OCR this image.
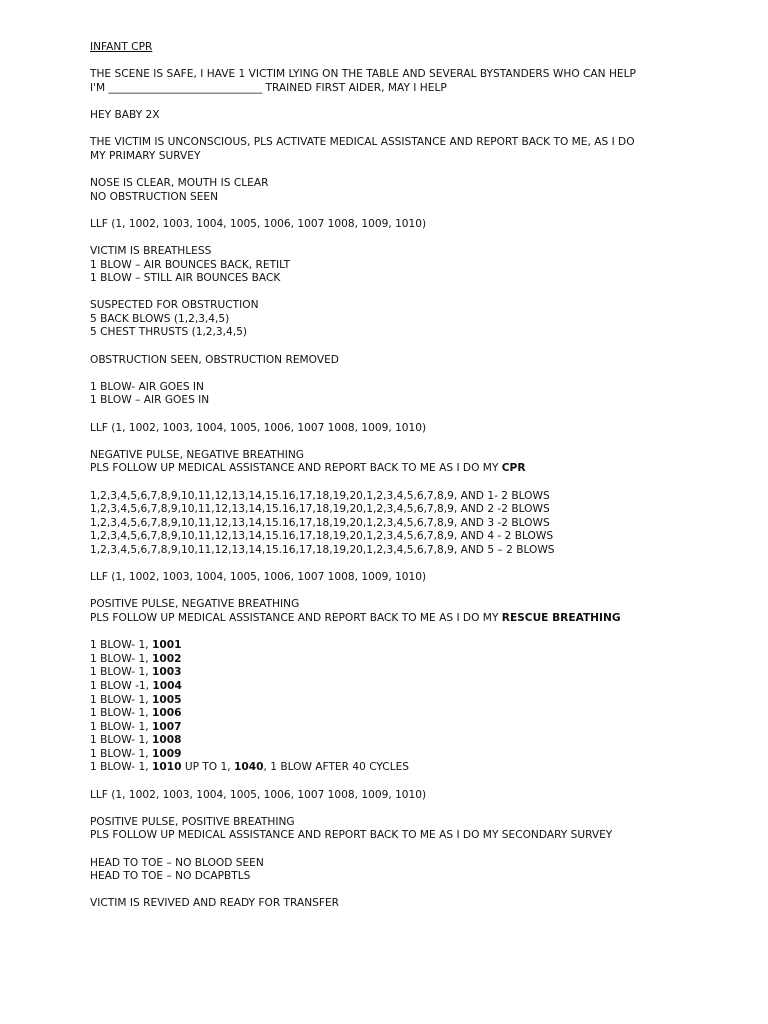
INFANT CPR
THE SCENE IS SAFE, I HAVE 1 VICTIM LYING ON THE TABLE AND SEVERAL BYSTANDERS WHO CAN HELP
I'M _____________________________ TRAINED FIRST AIDER, MAY I HELP
HEY BABY 2X
THE VICTIM IS UNCONSCIOUS, PLS ACTIVATE MEDICAL ASSISTANCE AND REPORT BACK TO ME, AS I DO
MY PRIMARY SURVEY
NOSE IS CLEAR, MOUTH IS CLEAR
NO OBSTRUCTION SEEN
LLF (1, 1002, 1003, 1004, 1005, 1006, 1007 1008, 1009, 1010)
VICTIM IS BREATHLESS
1 BLOW – AIR BOUNCES BACK, RETILT
1 BLOW – STILL AIR BOUNCES BACK
SUSPECTED FOR OBSTRUCTION
5 BACK BLOWS (1,2,3,4,5)
5 CHEST THRUSTS (1,2,3,4,5)
OBSTRUCTION SEEN, OBSTRUCTION REMOVED
1 BLOW- AIR GOES IN
1 BLOW – AIR GOES IN
LLF (1, 1002, 1003, 1004, 1005, 1006, 1007 1008, 1009, 1010)
NEGATIVE PULSE, NEGATIVE BREATHING
PLS FOLLOW UP MEDICAL ASSISTANCE AND REPORT BACK TO ME AS I DO MY CPR
1,2,3,4,5,6,7,8,9,10,11,12,13,14,15.16,17,18,19,20,1,2,3,4,5,6,7,8,9, AND 1- 2 BLOWS
1,2,3,4,5,6,7,8,9,10,11,12,13,14,15.16,17,18,19,20,1,2,3,4,5,6,7,8,9, AND 2 -2 BLOWS
1,2,3,4,5,6,7,8,9,10,11,12,13,14,15.16,17,18,19,20,1,2,3,4,5,6,7,8,9, AND 3 -2 BLOWS
1,2,3,4,5,6,7,8,9,10,11,12,13,14,15.16,17,18,19,20,1,2,3,4,5,6,7,8,9, AND 4 - 2 BLOWS
1,2,3,4,5,6,7,8,9,10,11,12,13,14,15.16,17,18,19,20,1,2,3,4,5,6,7,8,9, AND 5 – 2 BLOWS
LLF (1, 1002, 1003, 1004, 1005, 1006, 1007 1008, 1009, 1010)
POSITIVE PULSE, NEGATIVE BREATHING
PLS FOLLOW UP MEDICAL ASSISTANCE AND REPORT BACK TO ME AS I DO MY RESCUE BREATHING
1 BLOW- 1, 1001
1 BLOW- 1, 1002
1 BLOW- 1, 1003
1 BLOW -1, 1004
1 BLOW- 1, 1005
1 BLOW- 1, 1006
1 BLOW- 1, 1007
1 BLOW- 1, 1008
1 BLOW- 1, 1009
1 BLOW- 1, 1010 UP TO 1, 1040, 1 BLOW AFTER 40 CYCLES
LLF (1, 1002, 1003, 1004, 1005, 1006, 1007 1008, 1009, 1010)
POSITIVE PULSE, POSITIVE BREATHING
PLS FOLLOW UP MEDICAL ASSISTANCE AND REPORT BACK TO ME AS I DO MY SECONDARY SURVEY
HEAD TO TOE – NO BLOOD SEEN
HEAD TO TOE – NO DCAPBTLS
VICTIM IS REVIVED AND READY FOR TRANSFER
